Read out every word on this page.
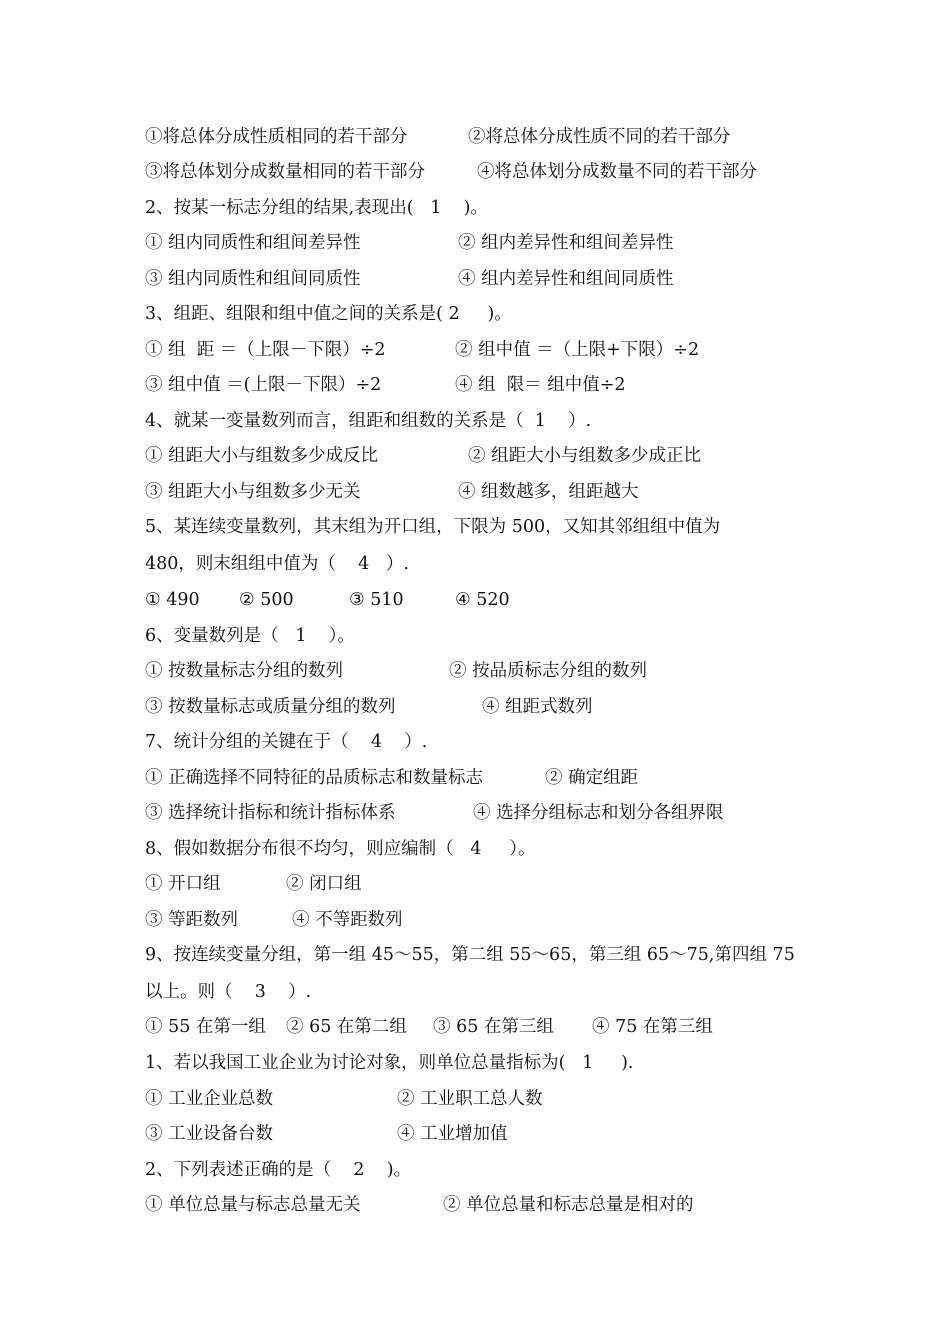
①将总体分成性质相同的若干部分	②将总体分成性质不同的若干部分
③将总体划分成数量相同的若干部分	④将总体划分成数量不同的若干部分
2、按某一标志分组的结果,表现出(   1    )。
① 组内同质性和组间差异性	② 组内差异性和组间差异性
③ 组内同质性和组间同质性	④ 组内差异性和组间同质性
3、组距、组限和组中值之间的关系是( 2     )。
① 组  距 ＝（上限－下限）÷2	② 组中值 ＝（上限+下限）÷2
③ 组中值 ＝(上限－下限）÷2	④ 组  限＝ 组中值÷2
4、就某一变量数列而言，组距和组数的关系是（  1    ）.
① 组距大小与组数多少成反比	② 组距大小与组数多少成正比
③ 组距大小与组数多少无关	④ 组数越多，组距越大
5、某连续变量数列，其末组为开口组，下限为 500，又知其邻组组中值为
480，则末组组中值为（    4   ）.
① 490 ② 500	③ 510	④ 520
6、变量数列是（   1    ）。
① 按数量标志分组的数列	② 按品质标志分组的数列
③ 按数量标志或质量分组的数列	④ 组距式数列
7、统计分组的关键在于（    4    ）.
① 正确选择不同特征的品质标志和数量标志	② 确定组距
③ 选择统计指标和统计指标体系	④ 选择分组标志和划分各组界限
8、假如数据分布很不均匀，则应编制（   4     ）。
① 开口组	② 闭口组
③ 等距数列	④ 不等距数列
9、按连续变量分组，第一组 45～55，第二组 55～65，第三组 65～75,第四组 75
以上。则（    3    ）.
① 55 在第一组 ② 65 在第二组 ③ 65 在第三组 ④ 75 在第三组
1、若以我国工业企业为讨论对象，则单位总量指标为(   1     ).
① 工业企业总数	② 工业职工总人数
③ 工业设备台数	④ 工业增加值
2、下列表述正确的是（    2    )。
① 单位总量与标志总量无关	② 单位总量和标志总量是相对的
